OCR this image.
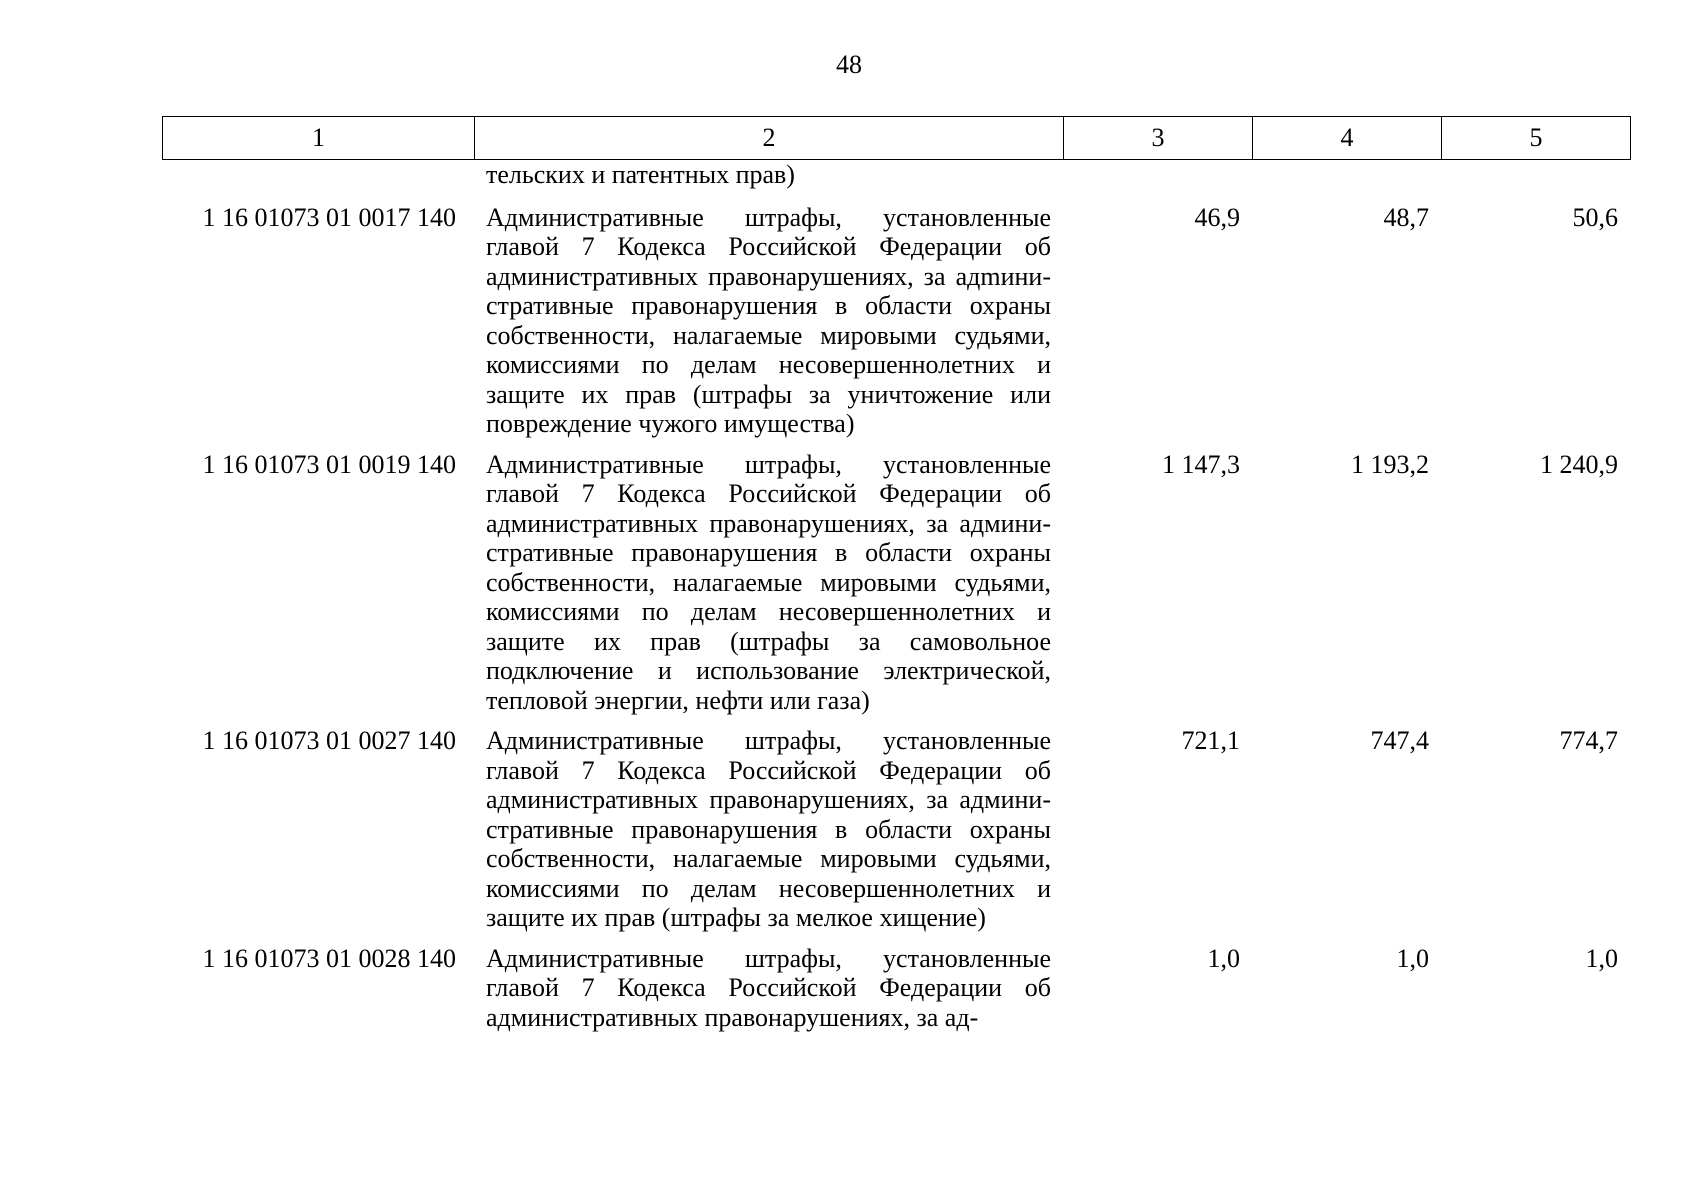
48
1	2	3	4	5
	тельских и патентных прав)			
1 16 01073 01 0017 140	Административные штрафы, установленные главой 7 Кодекса Российской Федерации об административных правонарушениях, за адmинистративные правонарушения в области охраны собственности, налагаемые мировыми судьями, комиссиями по делам несовершеннолетних и защите их прав (штрафы за уничтожение или повреждение чужого имущества)	46,9	48,7	50,6
1 16 01073 01 0019 140	Административные штрафы, установленные главой 7 Кодекса Российской Федерации об административных правонарушениях, за административные правонарушения в области охраны собственности, налагаемые мировыми судьями, комиссиями по делам несовершеннолетних и защите их прав (штрафы за самовольное подключение и использование электрической, тепловой энергии, нефти или газа)	1 147,3	1 193,2	1 240,9
1 16 01073 01 0027 140	Административные штрафы, установленные главой 7 Кодекса Российской Федерации об административных правонарушениях, за административные правонарушения в области охраны собственности, налагаемые мировыми судьями, комиссиями по делам несовершеннолетних и защите их прав (штрафы за мелкое хищение)	721,1	747,4	774,7
1 16 01073 01 0028 140	Административные штрафы, установленные главой 7 Кодекса Российской Федерации об административных правонарушениях, за ад-	1,0	1,0	1,0
